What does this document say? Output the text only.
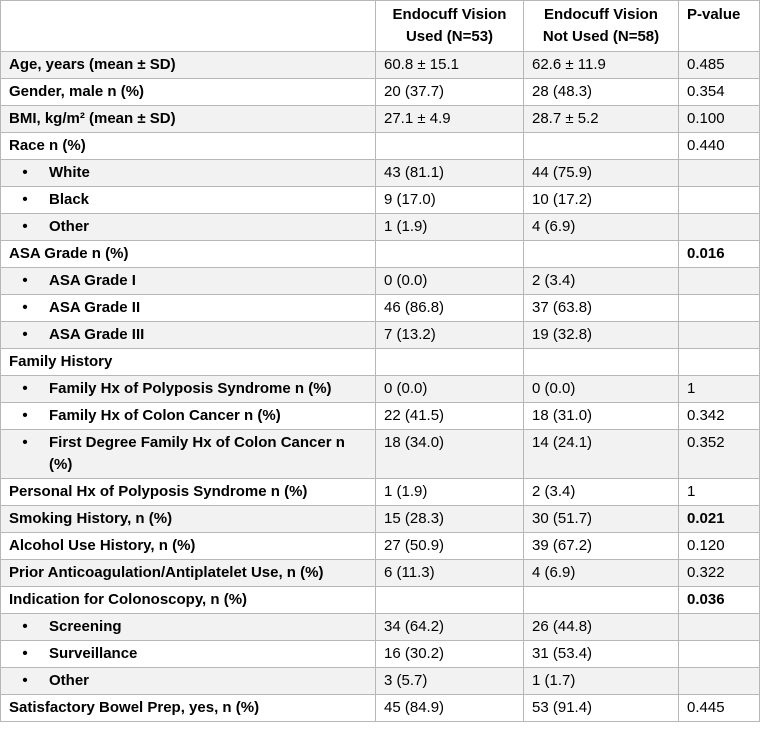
	Endocuff Vision Used (N=53)	Endocuff Vision Not Used (N=58)	P-value
Age, years (mean ± SD)	60.8 ± 15.1	62.6 ± 11.9	0.485
Gender, male n (%)	20 (37.7)	28 (48.3)	0.354
BMI, kg/m² (mean ± SD)	27.1 ± 4.9	28.7 ± 5.2	0.100
Race n (%)			0.440

• White	43 (81.1)	44 (75.9)	

• Black	9 (17.0)	10 (17.2)	

• Other	1 (1.9)	4 (6.9)	
ASA Grade n (%)			0.016

• ASA Grade I	0 (0.0)	2 (3.4)	

• ASA Grade II	46 (86.8)	37 (63.8)	

• ASA Grade III	7 (13.2)	19 (32.8)	
Family History			

• Family Hx of Polyposis Syndrome n (%)	0 (0.0)	0 (0.0)	1

• Family Hx of Colon Cancer n (%)	22 (41.5)	18 (31.0)	0.342

• First Degree Family Hx of Colon Cancer n (%)	18 (34.0)	14 (24.1)	0.352
Personal Hx of Polyposis Syndrome n (%)	1 (1.9)	2 (3.4)	1
Smoking History, n (%)	15 (28.3)	30 (51.7)	0.021
Alcohol Use History, n (%)	27 (50.9)	39 (67.2)	0.120
Prior Anticoagulation/Antiplatelet Use, n (%)	6 (11.3)	4 (6.9)	0.322
Indication for Colonoscopy, n (%)			0.036

• Screening	34 (64.2)	26 (44.8)	

• Surveillance	16 (30.2)	31 (53.4)	

• Other	3 (5.7)	1 (1.7)	
Satisfactory Bowel Prep, yes, n (%)	45 (84.9)	53 (91.4)	0.445
